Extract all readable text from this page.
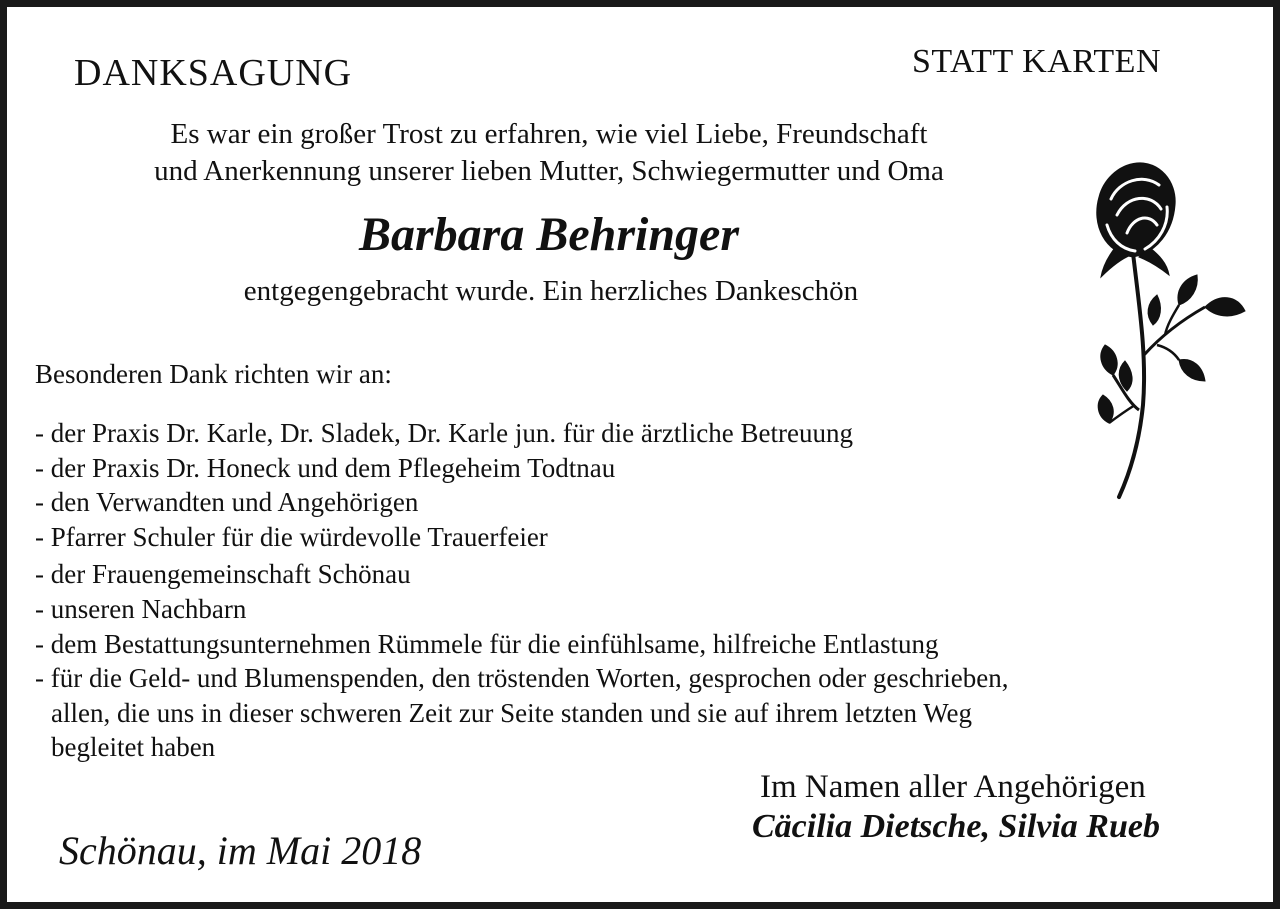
DANKSAGUNG	STATT KARTEN
Es war ein großer Trost zu erfahren, wie viel Liebe, Freundschaft
und Anerkennung unserer lieben Mutter, Schwiegermutter und Oma
Barbara Behringer
entgegengebracht wurde. Ein herzliches Dankeschön
Besonderen Dank richten wir an:
- der Praxis Dr. Karle, Dr. Sladek, Dr. Karle jun. für die ärztliche Betreuung
- der Praxis Dr. Honeck und dem Pflegeheim Todtnau
- den Verwandten und Angehörigen
- Pfarrer Schuler für die würdevolle Trauerfeier
- der Frauengemeinschaft Schönau
- unseren Nachbarn
- dem Bestattungsunternehmen Rümmele für die einfühlsame, hilfreiche Entlastung
- für die Geld- und Blumenspenden, den tröstenden Worten, gesprochen oder geschrieben,
allen, die uns in dieser schweren Zeit zur Seite standen und sie auf ihrem letzten Weg
begleitet haben
Im Namen aller Angehörigen
Cäcilia Dietsche, Silvia Rueb
Schönau, im Mai 2018
